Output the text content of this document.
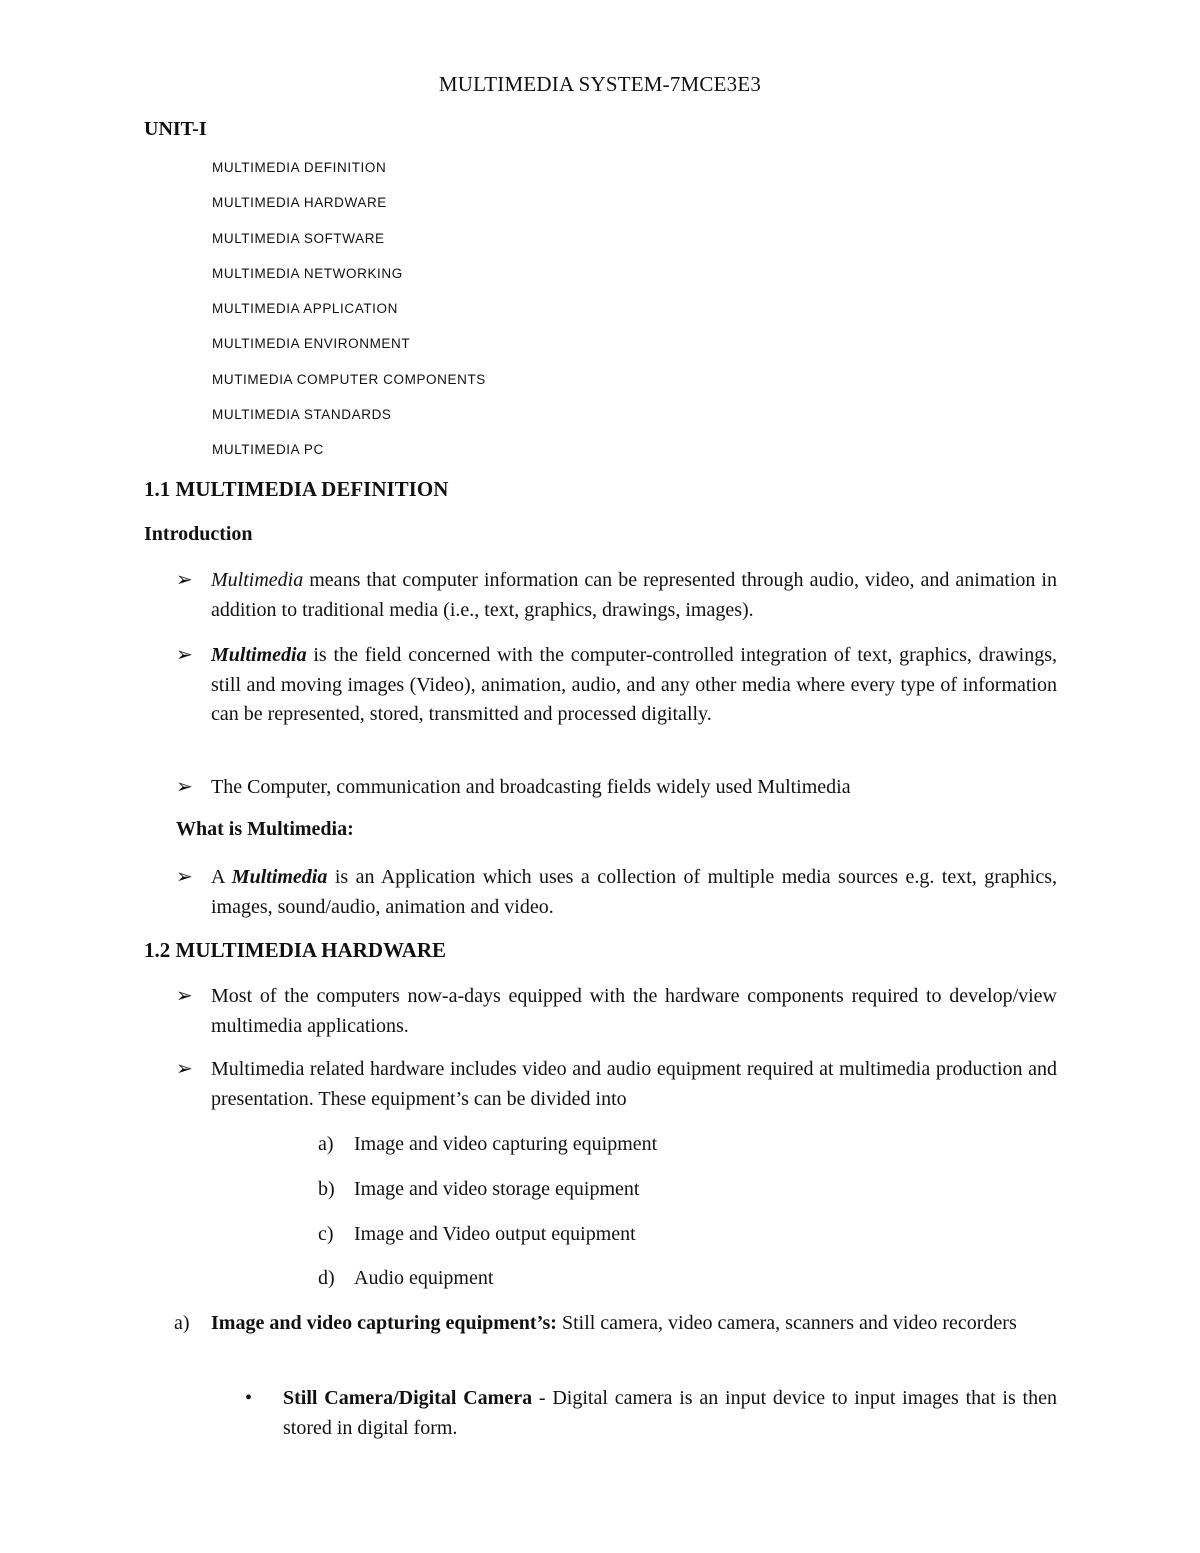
MULTIMEDIA SYSTEM-7MCE3E3
UNIT-I
MULTIMEDIA DEFINITION
MULTIMEDIA HARDWARE
MULTIMEDIA SOFTWARE
MULTIMEDIA NETWORKING
MULTIMEDIA APPLICATION
MULTIMEDIA ENVIRONMENT
MUTIMEDIA COMPUTER COMPONENTS
MULTIMEDIA STANDARDS
MULTIMEDIA PC
1.1 MULTIMEDIA DEFINITION
Introduction
➢ Multimedia means that computer information can be represented through audio, video, and animation in addition to traditional media (i.e., text, graphics, drawings, images).
➢ Multimedia is the field concerned with the computer-controlled integration of text, graphics, drawings, still and moving images (Video), animation, audio, and any other media where every type of information can be represented, stored, transmitted and processed digitally.
➢ The Computer, communication and broadcasting fields widely used Multimedia
What is Multimedia:
➢ A Multimedia is an Application which uses a collection of multiple media sources e.g. text, graphics, images, sound/audio, animation and video.
1.2 MULTIMEDIA HARDWARE
➢ Most of the computers now-a-days equipped with the hardware components required to develop/view multimedia applications.
➢ Multimedia related hardware includes video and audio equipment required at multimedia production and presentation. These equipment’s can be divided into
a) Image and video capturing equipment
b) Image and video storage equipment
c) Image and Video output equipment
d) Audio equipment
a) Image and video capturing equipment’s: Still camera, video camera, scanners and video recorders
• Still Camera/Digital Camera - Digital camera is an input device to input images that is then stored in digital form.
